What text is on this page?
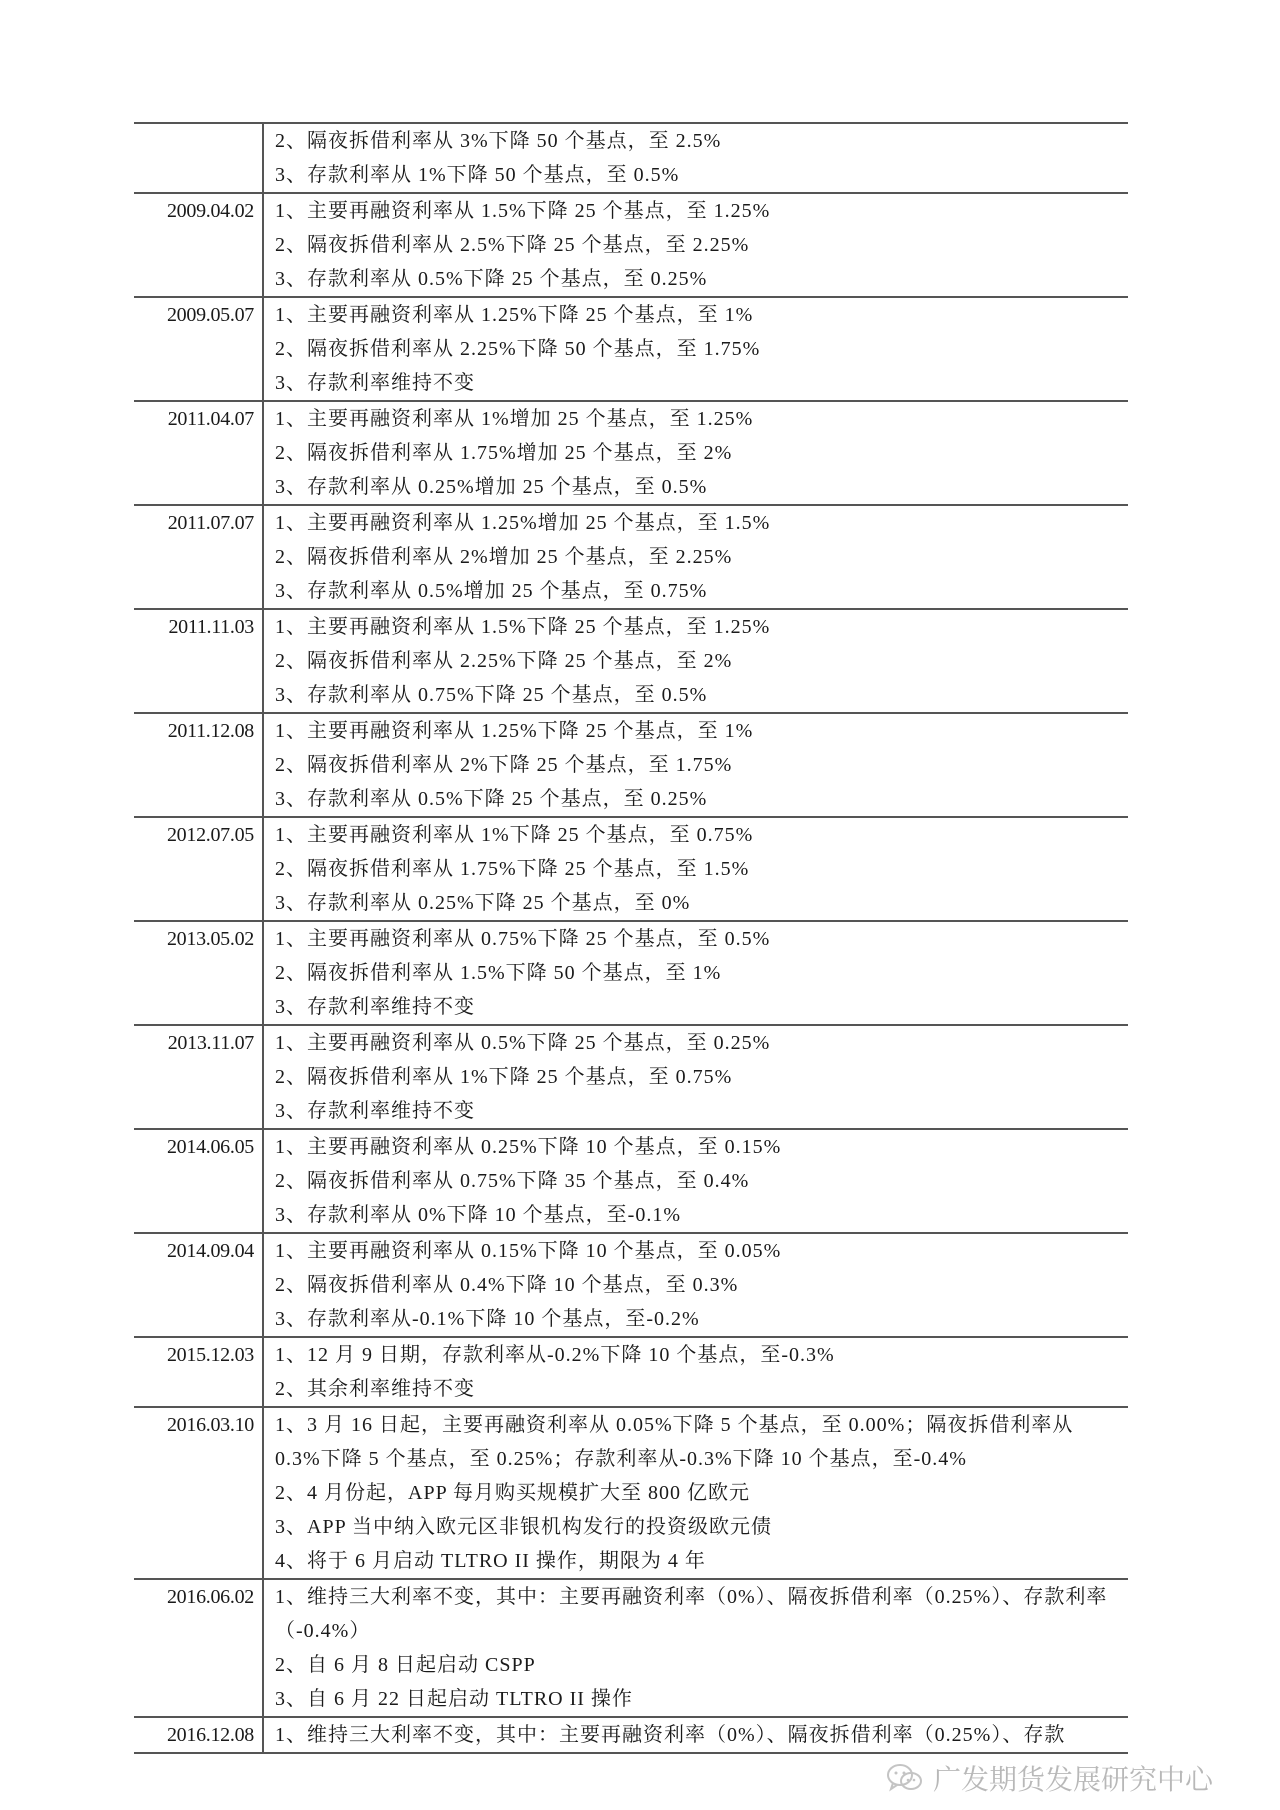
	2、隔夜拆借利率从 3%下降 50 个基点，至 2.5%
3、存款利率从 1%下降 50 个基点，至 0.5%

2009.04.02	1、主要再融资利率从 1.5%下降 25 个基点，至 1.25%
2、隔夜拆借利率从 2.5%下降 25 个基点，至 2.25%
3、存款利率从 0.5%下降 25 个基点，至 0.25%

2009.05.07	1、主要再融资利率从 1.25%下降 25 个基点，至 1%
2、隔夜拆借利率从 2.25%下降 50 个基点，至 1.75%
3、存款利率维持不变

2011.04.07	1、主要再融资利率从 1%增加 25 个基点，至 1.25%
2、隔夜拆借利率从 1.75%增加 25 个基点，至 2%
3、存款利率从 0.25%增加 25 个基点，至 0.5%

2011.07.07	1、主要再融资利率从 1.25%增加 25 个基点，至 1.5%
2、隔夜拆借利率从 2%增加 25 个基点，至 2.25%
3、存款利率从 0.5%增加 25 个基点，至 0.75%

2011.11.03	1、主要再融资利率从 1.5%下降 25 个基点，至 1.25%
2、隔夜拆借利率从 2.25%下降 25 个基点，至 2%
3、存款利率从 0.75%下降 25 个基点，至 0.5%

2011.12.08	1、主要再融资利率从 1.25%下降 25 个基点，至 1%
2、隔夜拆借利率从 2%下降 25 个基点，至 1.75%
3、存款利率从 0.5%下降 25 个基点，至 0.25%

2012.07.05	1、主要再融资利率从 1%下降 25 个基点，至 0.75%
2、隔夜拆借利率从 1.75%下降 25 个基点，至 1.5%
3、存款利率从 0.25%下降 25 个基点，至 0%

2013.05.02	1、主要再融资利率从 0.75%下降 25 个基点，至 0.5%
2、隔夜拆借利率从 1.5%下降 50 个基点，至 1%
3、存款利率维持不变

2013.11.07	1、主要再融资利率从 0.5%下降 25 个基点，至 0.25%
2、隔夜拆借利率从 1%下降 25 个基点，至 0.75%
3、存款利率维持不变

2014.06.05	1、主要再融资利率从 0.25%下降 10 个基点，至 0.15%
2、隔夜拆借利率从 0.75%下降 35 个基点，至 0.4%
3、存款利率从 0%下降 10 个基点，至-0.1%

2014.09.04	1、主要再融资利率从 0.15%下降 10 个基点，至 0.05%
2、隔夜拆借利率从 0.4%下降 10 个基点，至 0.3%
3、存款利率从-0.1%下降 10 个基点，至-0.2%

2015.12.03	1、12 月 9 日期，存款利率从-0.2%下降 10 个基点，至-0.3%
2、其余利率维持不变

2016.03.10	1、3 月 16 日起，主要再融资利率从 0.05%下降 5 个基点，至 0.00%；隔夜拆借利率从 0.3%下降 5 个基点，至 0.25%；存款利率从-0.3%下降 10 个基点，至-0.4%
2、4 月份起，APP 每月购买规模扩大至 800 亿欧元
3、APP 当中纳入欧元区非银机构发行的投资级欧元债
4、将于 6 月启动 TLTRO II 操作，期限为 4 年

2016.06.02	1、维持三大利率不变，其中：主要再融资利率（0%）、隔夜拆借利率（0.25%）、存款利率（-0.4%）
2、自 6 月 8 日起启动 CSPP
3、自 6 月 22 日起启动 TLTRO II 操作

2016.12.08	1、维持三大利率不变，其中：主要再融资利率（0%）、隔夜拆借利率（0.25%）、存款
广发期货发展研究中心
